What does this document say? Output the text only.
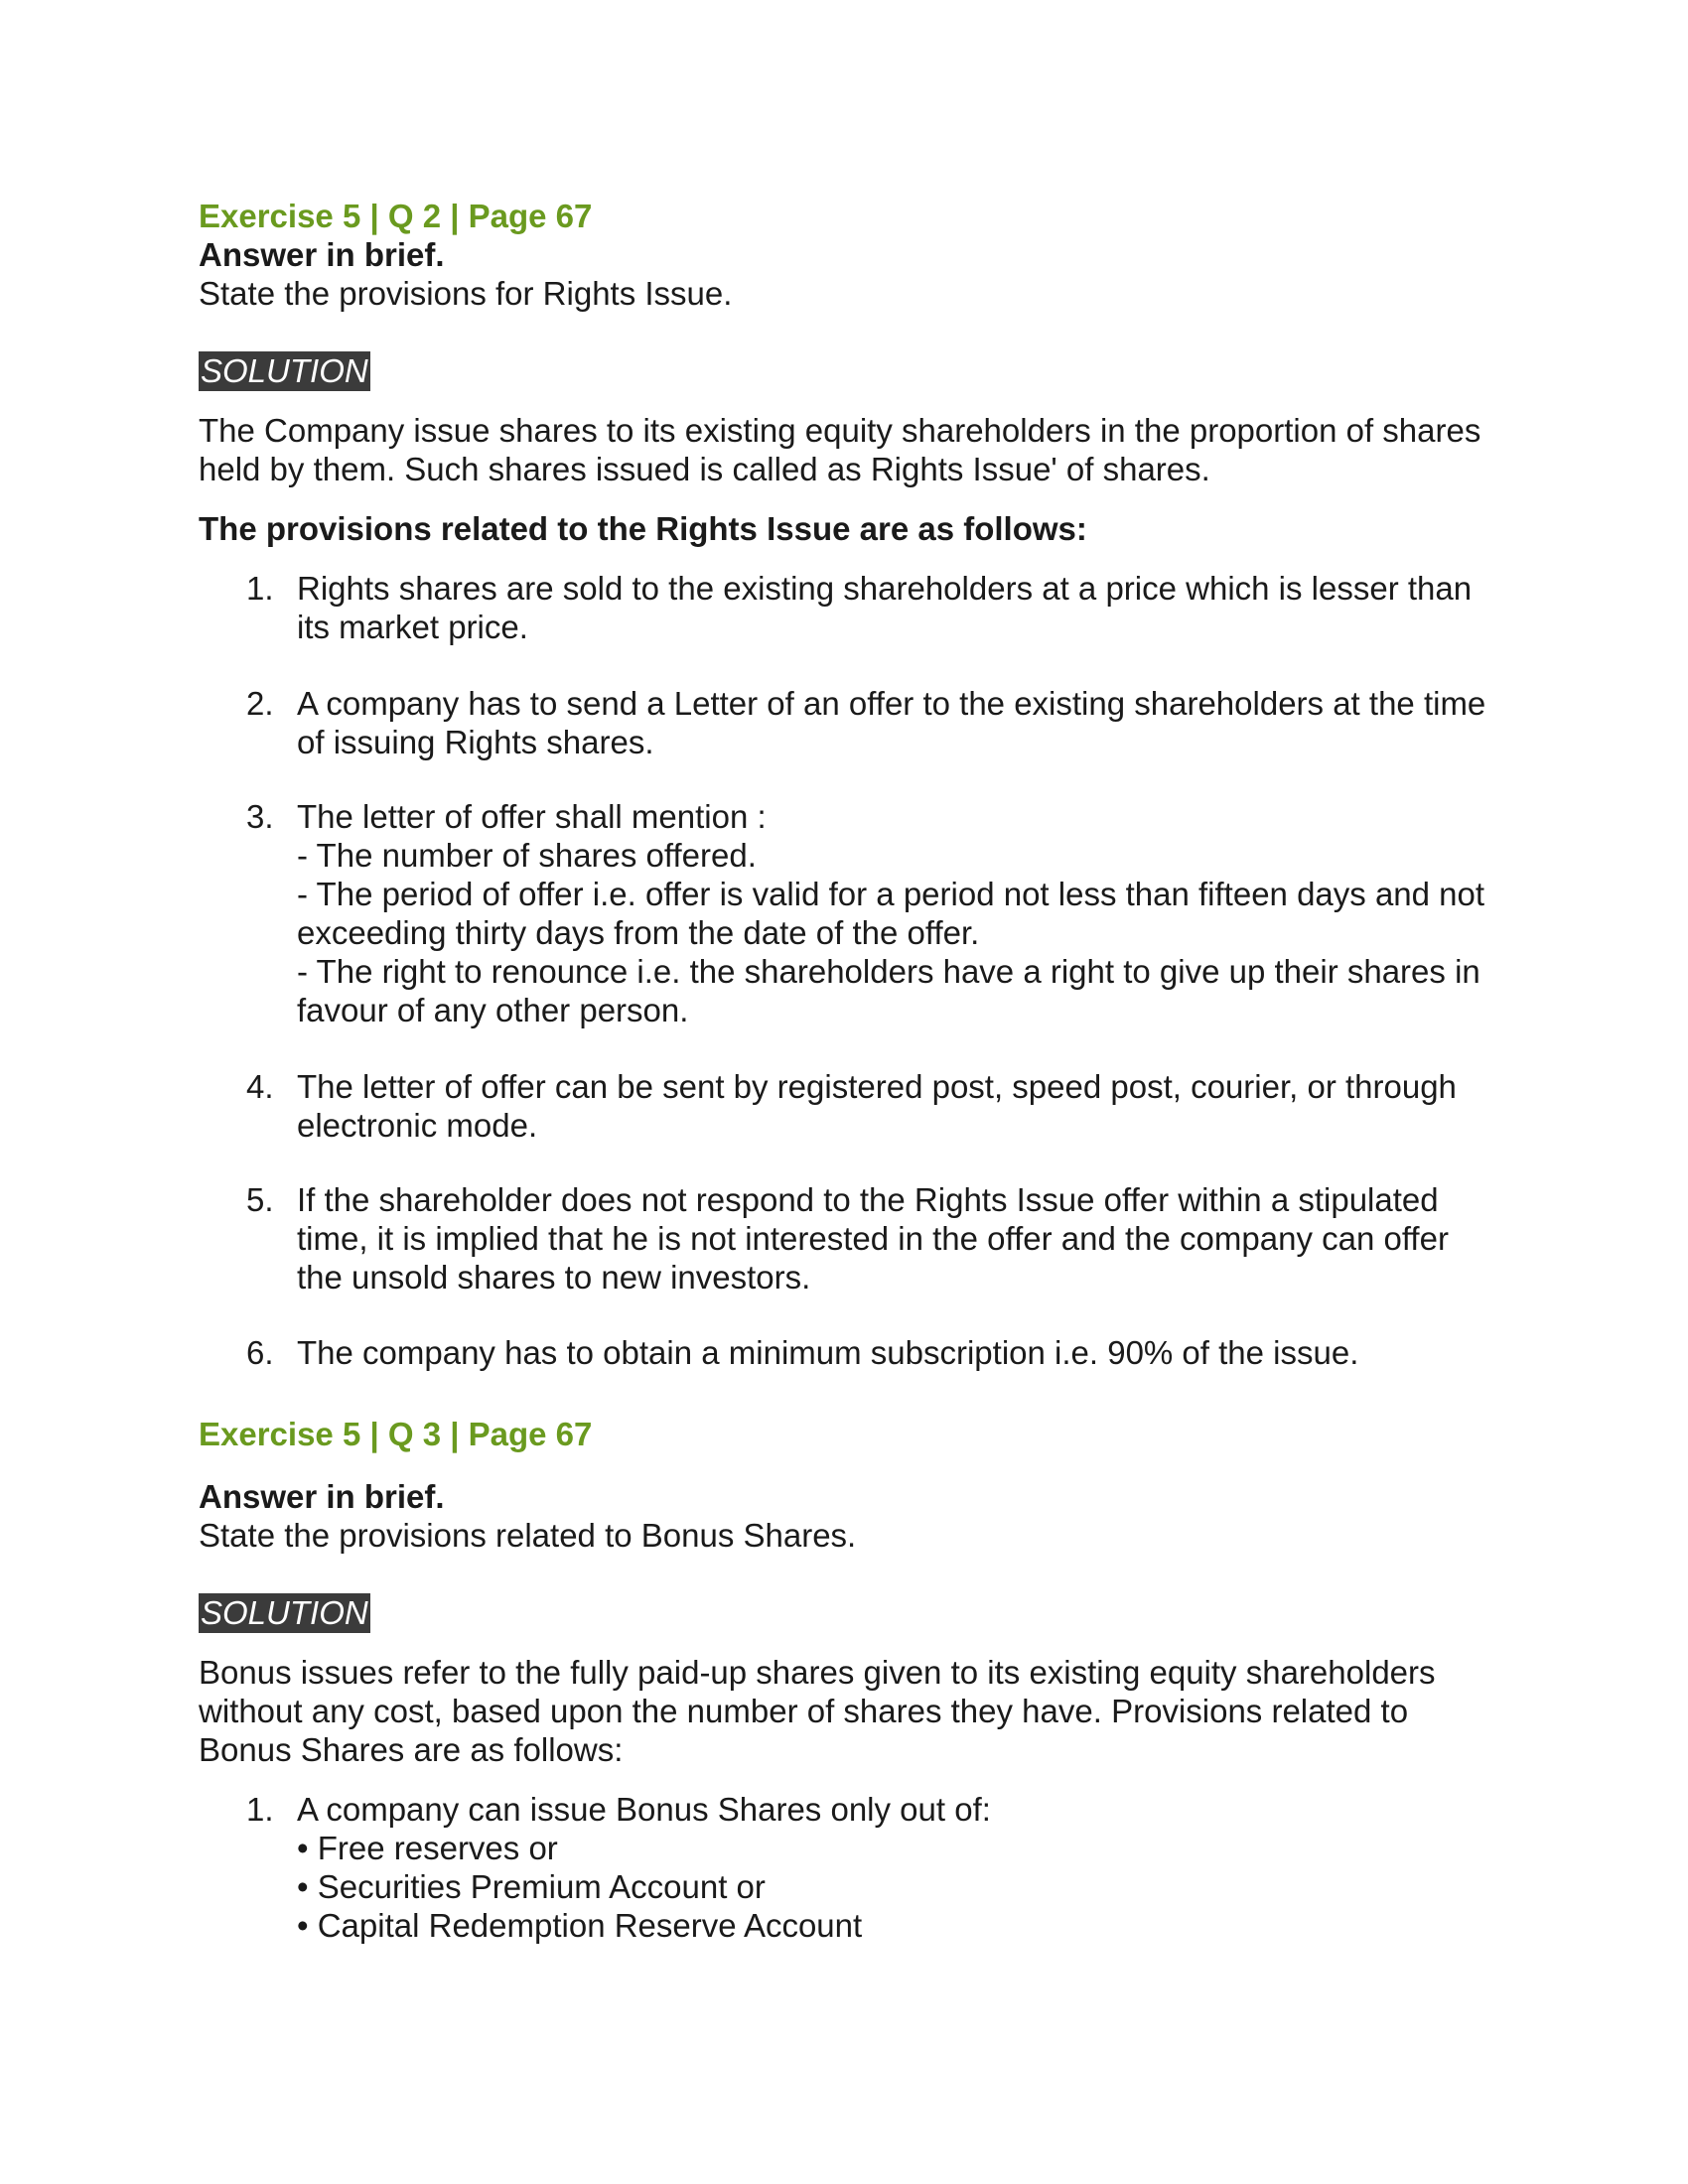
Exercise 5 | Q 2 | Page 67

Answer in brief.

State the provisions for Rights Issue.

SOLUTION

The Company issue shares to its existing equity shareholders in the proportion of shares held by them. Such shares issued is called as Rights Issue' of shares.

The provisions related to the Rights Issue are as follows:

1. Rights shares are sold to the existing shareholders at a price which is lesser than its market price.
2. A company has to send a Letter of an offer to the existing shareholders at the time of issuing Rights shares.
3. The letter of offer shall mention :
- The number of shares offered.
- The period of offer i.e. offer is valid for a period not less than fifteen days and not exceeding thirty days from the date of the offer.
- The right to renounce i.e. the shareholders have a right to give up their shares in favour of any other person.
4. The letter of offer can be sent by registered post, speed post, courier, or through electronic mode.
5. If the shareholder does not respond to the Rights Issue offer within a stipulated time, it is implied that he is not interested in the offer and the company can offer the unsold shares to new investors.
6. The company has to obtain a minimum subscription i.e. 90% of the issue.

Exercise 5 | Q 3 | Page 67

Answer in brief.

State the provisions related to Bonus Shares.

SOLUTION

Bonus issues refer to the fully paid-up shares given to its existing equity shareholders without any cost, based upon the number of shares they have. Provisions related to Bonus Shares are as follows:

1. A company can issue Bonus Shares only out of:
• Free reserves or
• Securities Premium Account or
• Capital Redemption Reserve Account
